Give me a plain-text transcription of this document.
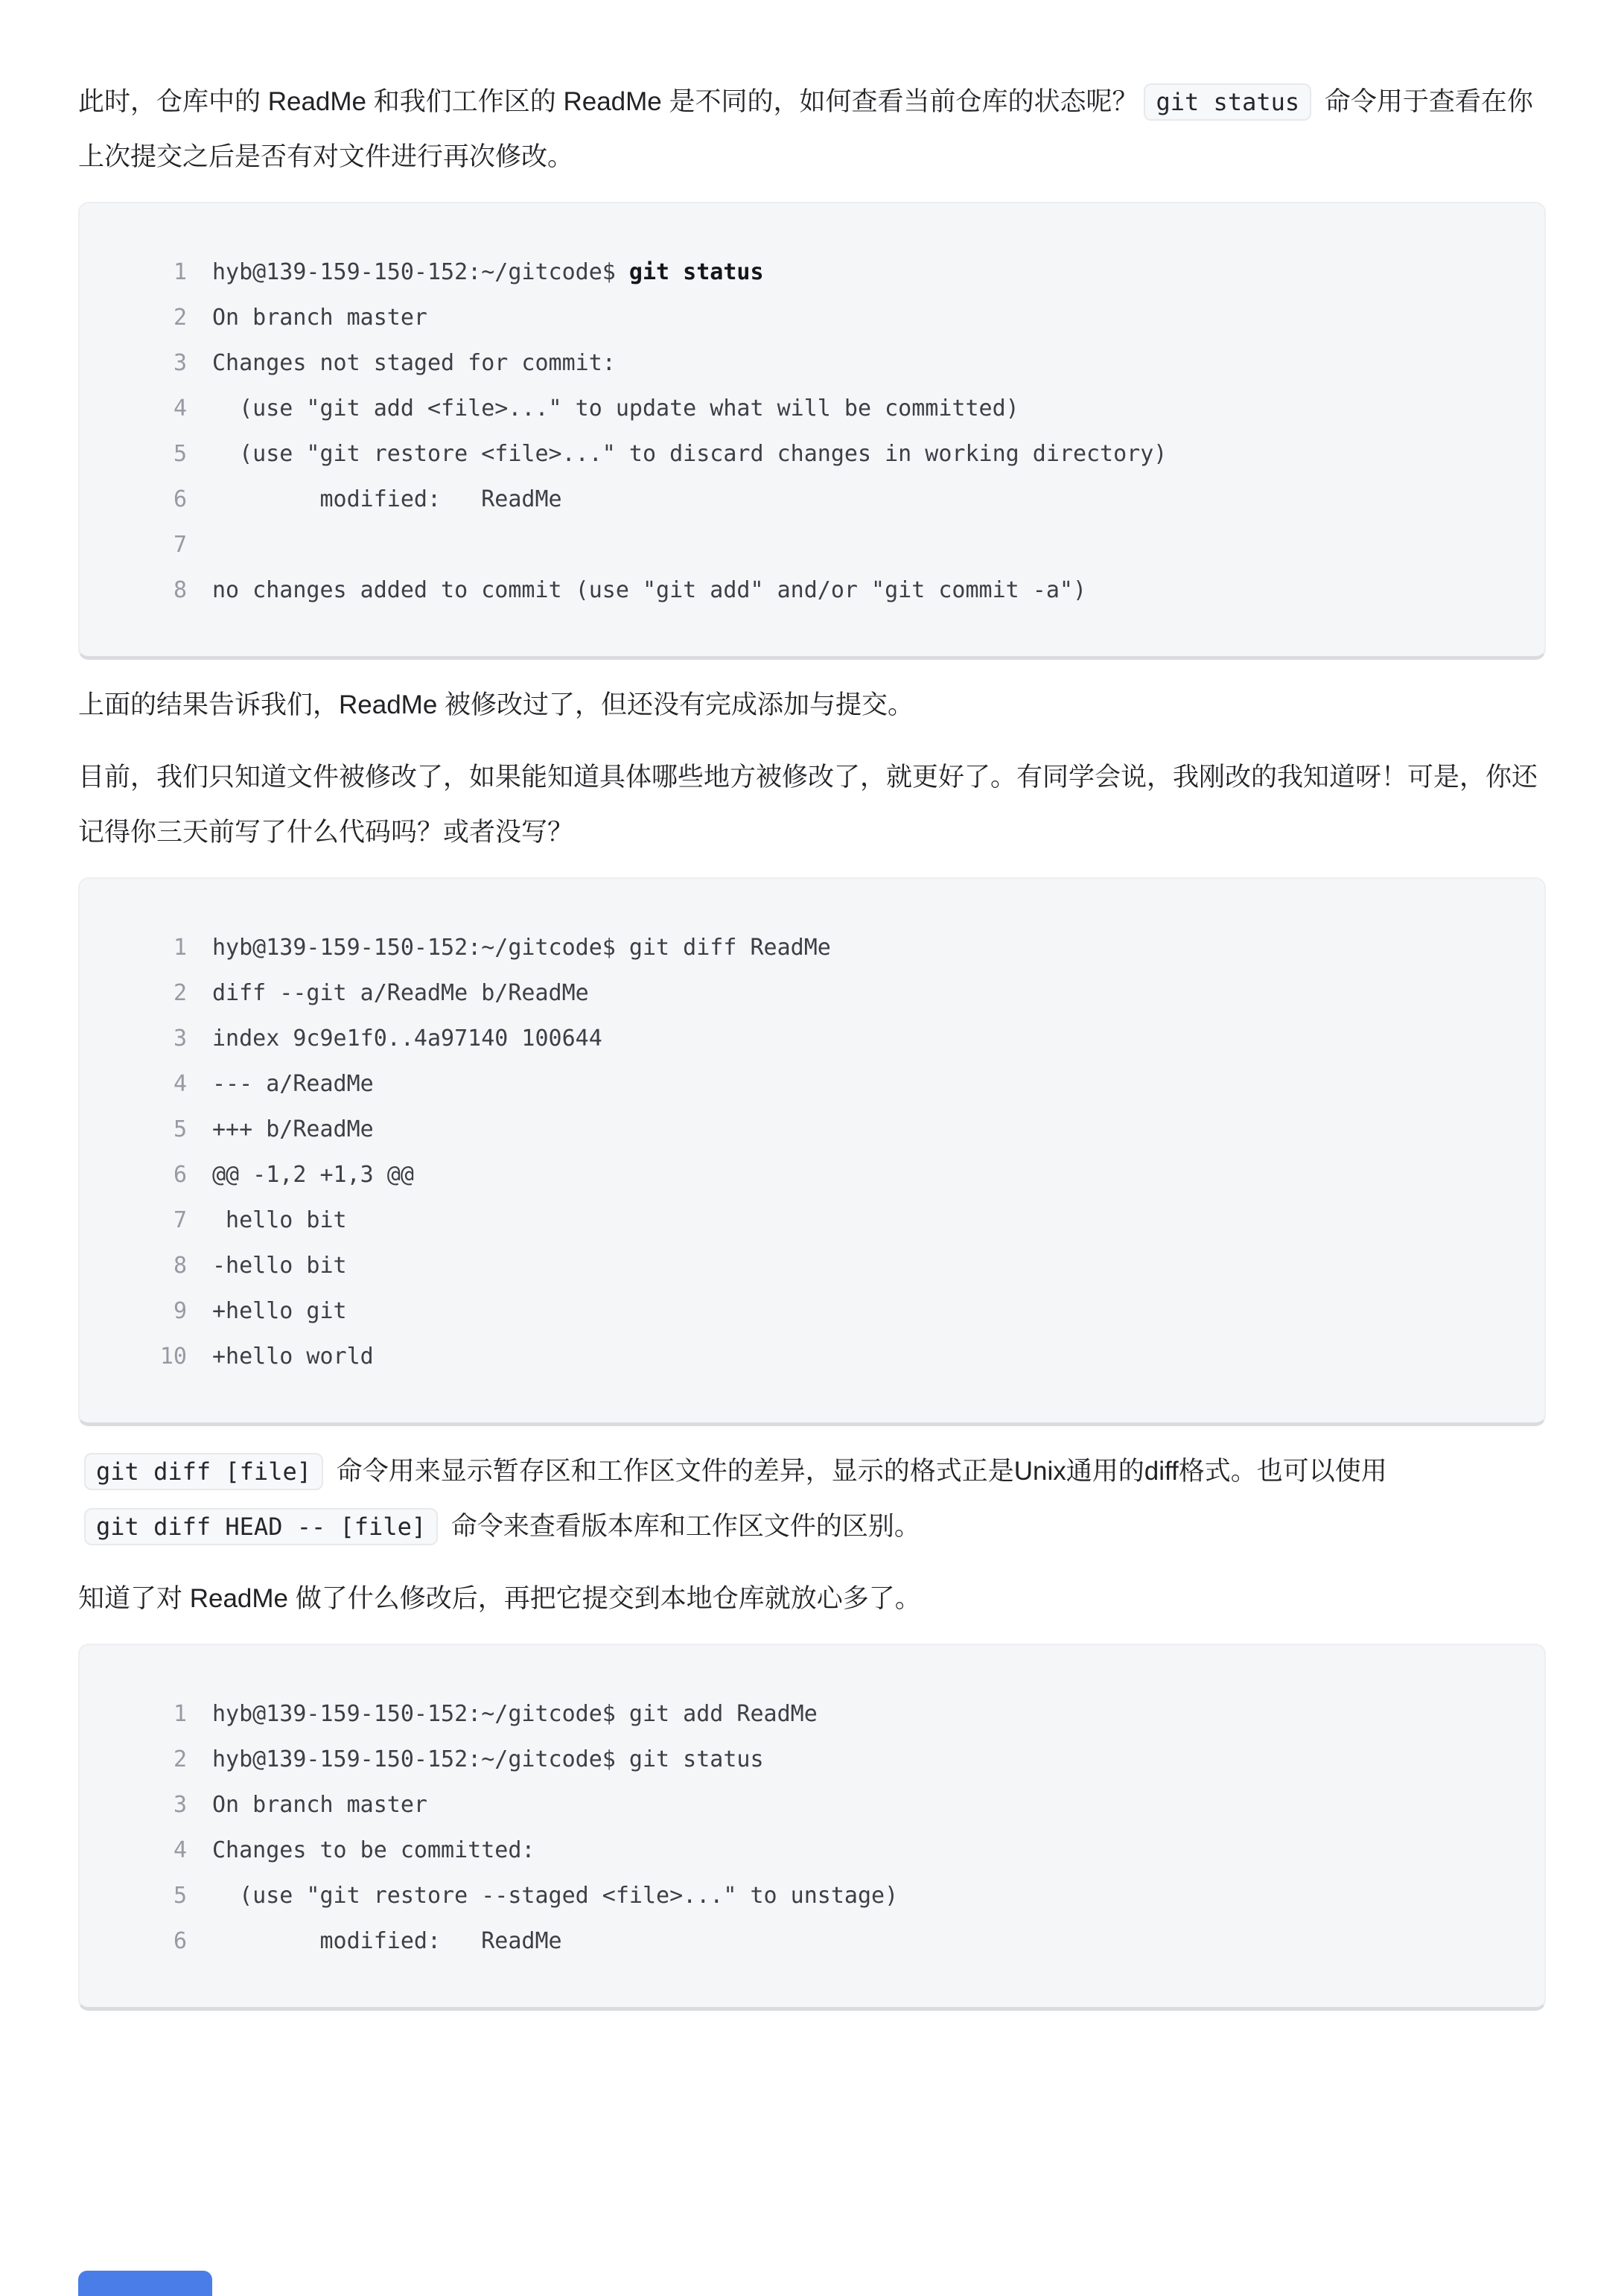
此时，仓库中的 ReadMe 和我们工作区的 ReadMe 是不同的，如何查看当前仓库的状态呢？ git status 命令用于查看在你上次提交之后是否有对文件进行再次修改。

1	hyb@139-159-150-152:~/gitcode$ git status
2	On branch master
3	Changes not staged for commit:
4	(use "git add <file>..." to update what will be committed)
5	(use "git restore <file>..." to discard changes in working directory)
6	modified:   ReadMe
7
8	no changes added to commit (use "git add" and/or "git commit -a")

上面的结果告诉我们，ReadMe 被修改过了，但还没有完成添加与提交。

目前，我们只知道文件被修改了，如果能知道具体哪些地方被修改了，就更好了。有同学会说，我刚改的我知道呀！可是，你还记得你三天前写了什么代码吗？或者没写？

1	hyb@139-159-150-152:~/gitcode$ git diff ReadMe
2	diff --git a/ReadMe b/ReadMe
3	index 9c9e1f0..4a97140 100644
4	--- a/ReadMe
5	+++ b/ReadMe
6	@@ -1,2 +1,3 @@
7	hello bit
8	-hello bit
9	+hello git
10	+hello world

git diff [file] 命令用来显示暂存区和工作区文件的差异，显示的格式正是Unix通用的diff格式。也可以使用git diff HEAD -- [file] 命令来查看版本库和工作区文件的区别。

知道了对 ReadMe 做了什么修改后，再把它提交到本地仓库就放心多了。

1	hyb@139-159-150-152:~/gitcode$ git add ReadMe
2	hyb@139-159-150-152:~/gitcode$ git status
3	On branch master
4	Changes to be committed:
5	(use "git restore --staged <file>..." to unstage)
6	modified:   ReadMe
